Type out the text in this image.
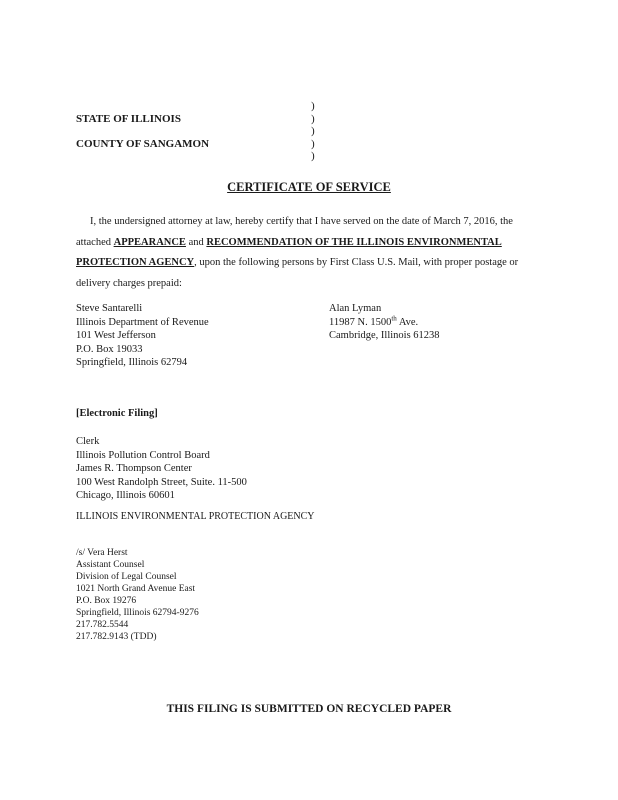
STATE OF ILLINOIS
COUNTY OF SANGAMON
)
)
)
)
)
CERTIFICATE OF SERVICE
I, the undersigned attorney at law, hereby certify that I have served on the date of March 7, 2016, the attached APPEARANCE and RECOMMENDATION OF THE ILLINOIS ENVIRONMENTAL PROTECTION AGENCY, upon the following persons by First Class U.S. Mail, with proper postage or delivery charges prepaid:
Steve Santarelli
Illinois Department of Revenue
101 West Jefferson
P.O. Box 19033
Springfield, Illinois 62794
Alan Lyman
11987 N. 1500th Ave.
Cambridge, Illinois 61238
[Electronic Filing]
Clerk
Illinois Pollution Control Board
James R. Thompson Center
100 West Randolph Street, Suite. 11-500
Chicago, Illinois 60601
ILLINOIS ENVIRONMENTAL PROTECTION AGENCY
/s/ Vera Herst
Assistant Counsel
Division of Legal Counsel
1021 North Grand Avenue East
P.O. Box 19276
Springfield, Illinois 62794-9276
217.782.5544
217.782.9143 (TDD)
THIS FILING IS SUBMITTED ON RECYCLED PAPER
